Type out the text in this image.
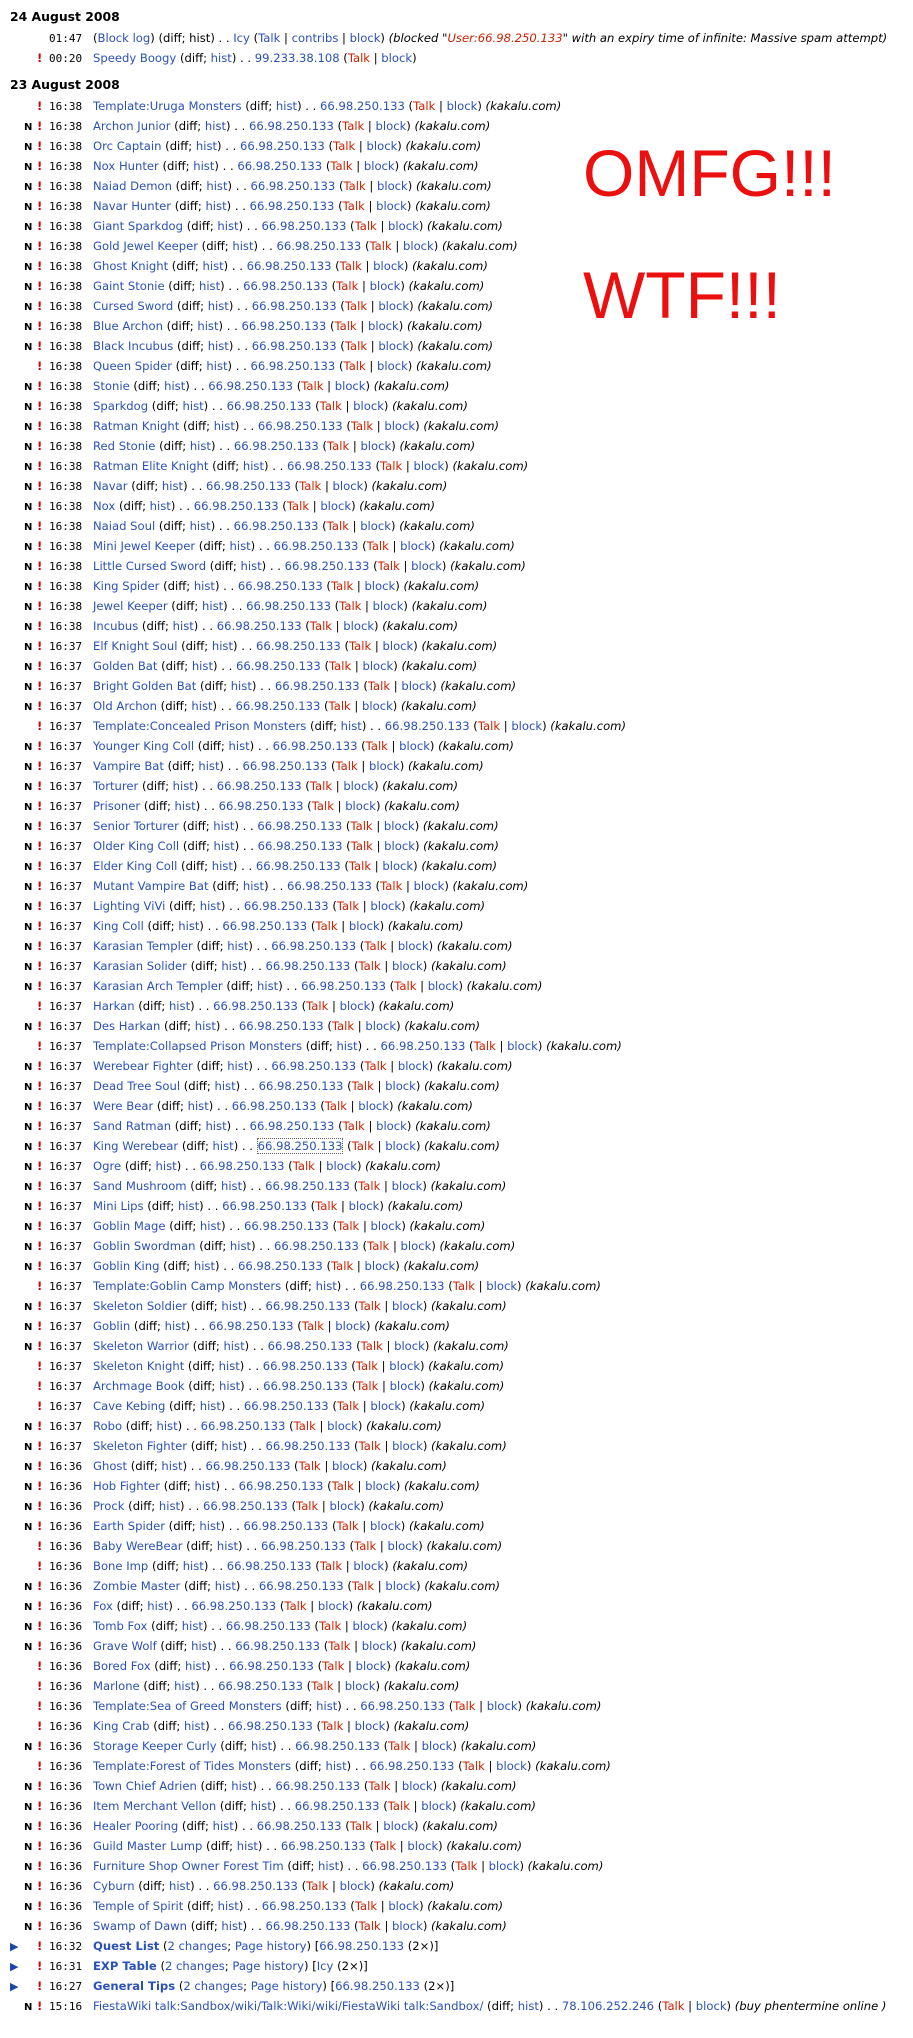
24 August 2008
01:47 (Block log) (diff; hist) . . Icy (Talk | contribs | block) (blocked "User:66.98.250.133" with an expiry time of infinite: Massive spam attempt)
! 00:20 Speedy Boogy (diff; hist) . . 99.233.38.108 (Talk | block)
23 August 2008
! 16:38 Template:Uruga Monsters (diff; hist) . . 66.98.250.133 (Talk | block) (kakalu.com)
N ! 16:38 Archon Junior (diff; hist) . . 66.98.250.133 (Talk | block) (kakalu.com)
N ! 16:38 Orc Captain (diff; hist) . . 66.98.250.133 (Talk | block) (kakalu.com)
N ! 16:38 Nox Hunter (diff; hist) . . 66.98.250.133 (Talk | block) (kakalu.com)
N ! 16:38 Naiad Demon (diff; hist) . . 66.98.250.133 (Talk | block) (kakalu.com)
N ! 16:38 Navar Hunter (diff; hist) . . 66.98.250.133 (Talk | block) (kakalu.com)
N ! 16:38 Giant Sparkdog (diff; hist) . . 66.98.250.133 (Talk | block) (kakalu.com)
N ! 16:38 Gold Jewel Keeper (diff; hist) . . 66.98.250.133 (Talk | block) (kakalu.com)
N ! 16:38 Ghost Knight (diff; hist) . . 66.98.250.133 (Talk | block) (kakalu.com)
N ! 16:38 Gaint Stonie (diff; hist) . . 66.98.250.133 (Talk | block) (kakalu.com)
N ! 16:38 Cursed Sword (diff; hist) . . 66.98.250.133 (Talk | block) (kakalu.com)
N ! 16:38 Blue Archon (diff; hist) . . 66.98.250.133 (Talk | block) (kakalu.com)
N ! 16:38 Black Incubus (diff; hist) . . 66.98.250.133 (Talk | block) (kakalu.com)
! 16:38 Queen Spider (diff; hist) . . 66.98.250.133 (Talk | block) (kakalu.com)
N ! 16:38 Stonie (diff; hist) . . 66.98.250.133 (Talk | block) (kakalu.com)
N ! 16:38 Sparkdog (diff; hist) . . 66.98.250.133 (Talk | block) (kakalu.com)
N ! 16:38 Ratman Knight (diff; hist) . . 66.98.250.133 (Talk | block) (kakalu.com)
N ! 16:38 Red Stonie (diff; hist) . . 66.98.250.133 (Talk | block) (kakalu.com)
N ! 16:38 Ratman Elite Knight (diff; hist) . . 66.98.250.133 (Talk | block) (kakalu.com)
N ! 16:38 Navar (diff; hist) . . 66.98.250.133 (Talk | block) (kakalu.com)
N ! 16:38 Nox (diff; hist) . . 66.98.250.133 (Talk | block) (kakalu.com)
N ! 16:38 Naiad Soul (diff; hist) . . 66.98.250.133 (Talk | block) (kakalu.com)
N ! 16:38 Mini Jewel Keeper (diff; hist) . . 66.98.250.133 (Talk | block) (kakalu.com)
N ! 16:38 Little Cursed Sword (diff; hist) . . 66.98.250.133 (Talk | block) (kakalu.com)
N ! 16:38 King Spider (diff; hist) . . 66.98.250.133 (Talk | block) (kakalu.com)
N ! 16:38 Jewel Keeper (diff; hist) . . 66.98.250.133 (Talk | block) (kakalu.com)
N ! 16:38 Incubus (diff; hist) . . 66.98.250.133 (Talk | block) (kakalu.com)
N ! 16:37 Elf Knight Soul (diff; hist) . . 66.98.250.133 (Talk | block) (kakalu.com)
N ! 16:37 Golden Bat (diff; hist) . . 66.98.250.133 (Talk | block) (kakalu.com)
N ! 16:37 Bright Golden Bat (diff; hist) . . 66.98.250.133 (Talk | block) (kakalu.com)
N ! 16:37 Old Archon (diff; hist) . . 66.98.250.133 (Talk | block) (kakalu.com)
! 16:37 Template:Concealed Prison Monsters (diff; hist) . . 66.98.250.133 (Talk | block) (kakalu.com)
N ! 16:37 Younger King Coll (diff; hist) . . 66.98.250.133 (Talk | block) (kakalu.com)
N ! 16:37 Vampire Bat (diff; hist) . . 66.98.250.133 (Talk | block) (kakalu.com)
N ! 16:37 Torturer (diff; hist) . . 66.98.250.133 (Talk | block) (kakalu.com)
N ! 16:37 Prisoner (diff; hist) . . 66.98.250.133 (Talk | block) (kakalu.com)
N ! 16:37 Senior Torturer (diff; hist) . . 66.98.250.133 (Talk | block) (kakalu.com)
N ! 16:37 Older King Coll (diff; hist) . . 66.98.250.133 (Talk | block) (kakalu.com)
N ! 16:37 Elder King Coll (diff; hist) . . 66.98.250.133 (Talk | block) (kakalu.com)
N ! 16:37 Mutant Vampire Bat (diff; hist) . . 66.98.250.133 (Talk | block) (kakalu.com)
N ! 16:37 Lighting ViVi (diff; hist) . . 66.98.250.133 (Talk | block) (kakalu.com)
N ! 16:37 King Coll (diff; hist) . . 66.98.250.133 (Talk | block) (kakalu.com)
N ! 16:37 Karasian Templer (diff; hist) . . 66.98.250.133 (Talk | block) (kakalu.com)
N ! 16:37 Karasian Solider (diff; hist) . . 66.98.250.133 (Talk | block) (kakalu.com)
N ! 16:37 Karasian Arch Templer (diff; hist) . . 66.98.250.133 (Talk | block) (kakalu.com)
! 16:37 Harkan (diff; hist) . . 66.98.250.133 (Talk | block) (kakalu.com)
N ! 16:37 Des Harkan (diff; hist) . . 66.98.250.133 (Talk | block) (kakalu.com)
! 16:37 Template:Collapsed Prison Monsters (diff; hist) . . 66.98.250.133 (Talk | block) (kakalu.com)
N ! 16:37 Werebear Fighter (diff; hist) . . 66.98.250.133 (Talk | block) (kakalu.com)
N ! 16:37 Dead Tree Soul (diff; hist) . . 66.98.250.133 (Talk | block) (kakalu.com)
N ! 16:37 Were Bear (diff; hist) . . 66.98.250.133 (Talk | block) (kakalu.com)
N ! 16:37 Sand Ratman (diff; hist) . . 66.98.250.133 (Talk | block) (kakalu.com)
N ! 16:37 King Werebear (diff; hist) . . 66.98.250.133 (Talk | block) (kakalu.com)
N ! 16:37 Ogre (diff; hist) . . 66.98.250.133 (Talk | block) (kakalu.com)
N ! 16:37 Sand Mushroom (diff; hist) . . 66.98.250.133 (Talk | block) (kakalu.com)
N ! 16:37 Mini Lips (diff; hist) . . 66.98.250.133 (Talk | block) (kakalu.com)
N ! 16:37 Goblin Mage (diff; hist) . . 66.98.250.133 (Talk | block) (kakalu.com)
N ! 16:37 Goblin Swordman (diff; hist) . . 66.98.250.133 (Talk | block) (kakalu.com)
N ! 16:37 Goblin King (diff; hist) . . 66.98.250.133 (Talk | block) (kakalu.com)
! 16:37 Template:Goblin Camp Monsters (diff; hist) . . 66.98.250.133 (Talk | block) (kakalu.com)
N ! 16:37 Skeleton Soldier (diff; hist) . . 66.98.250.133 (Talk | block) (kakalu.com)
N ! 16:37 Goblin (diff; hist) . . 66.98.250.133 (Talk | block) (kakalu.com)
N ! 16:37 Skeleton Warrior (diff; hist) . . 66.98.250.133 (Talk | block) (kakalu.com)
! 16:37 Skeleton Knight (diff; hist) . . 66.98.250.133 (Talk | block) (kakalu.com)
! 16:37 Archmage Book (diff; hist) . . 66.98.250.133 (Talk | block) (kakalu.com)
! 16:37 Cave Kebing (diff; hist) . . 66.98.250.133 (Talk | block) (kakalu.com)
N ! 16:37 Robo (diff; hist) . . 66.98.250.133 (Talk | block) (kakalu.com)
N ! 16:37 Skeleton Fighter (diff; hist) . . 66.98.250.133 (Talk | block) (kakalu.com)
N ! 16:36 Ghost (diff; hist) . . 66.98.250.133 (Talk | block) (kakalu.com)
N ! 16:36 Hob Fighter (diff; hist) . . 66.98.250.133 (Talk | block) (kakalu.com)
N ! 16:36 Prock (diff; hist) . . 66.98.250.133 (Talk | block) (kakalu.com)
N ! 16:36 Earth Spider (diff; hist) . . 66.98.250.133 (Talk | block) (kakalu.com)
! 16:36 Baby WereBear (diff; hist) . . 66.98.250.133 (Talk | block) (kakalu.com)
! 16:36 Bone Imp (diff; hist) . . 66.98.250.133 (Talk | block) (kakalu.com)
N ! 16:36 Zombie Master (diff; hist) . . 66.98.250.133 (Talk | block) (kakalu.com)
N ! 16:36 Fox (diff; hist) . . 66.98.250.133 (Talk | block) (kakalu.com)
N ! 16:36 Tomb Fox (diff; hist) . . 66.98.250.133 (Talk | block) (kakalu.com)
N ! 16:36 Grave Wolf (diff; hist) . . 66.98.250.133 (Talk | block) (kakalu.com)
! 16:36 Bored Fox (diff; hist) . . 66.98.250.133 (Talk | block) (kakalu.com)
! 16:36 Marlone (diff; hist) . . 66.98.250.133 (Talk | block) (kakalu.com)
! 16:36 Template:Sea of Greed Monsters (diff; hist) . . 66.98.250.133 (Talk | block) (kakalu.com)
! 16:36 King Crab (diff; hist) . . 66.98.250.133 (Talk | block) (kakalu.com)
N ! 16:36 Storage Keeper Curly (diff; hist) . . 66.98.250.133 (Talk | block) (kakalu.com)
! 16:36 Template:Forest of Tides Monsters (diff; hist) . . 66.98.250.133 (Talk | block) (kakalu.com)
N ! 16:36 Town Chief Adrien (diff; hist) . . 66.98.250.133 (Talk | block) (kakalu.com)
N ! 16:36 Item Merchant Vellon (diff; hist) . . 66.98.250.133 (Talk | block) (kakalu.com)
N ! 16:36 Healer Pooring (diff; hist) . . 66.98.250.133 (Talk | block) (kakalu.com)
N ! 16:36 Guild Master Lump (diff; hist) . . 66.98.250.133 (Talk | block) (kakalu.com)
N ! 16:36 Furniture Shop Owner Forest Tim (diff; hist) . . 66.98.250.133 (Talk | block) (kakalu.com)
N ! 16:36 Cyburn (diff; hist) . . 66.98.250.133 (Talk | block) (kakalu.com)
N ! 16:36 Temple of Spirit (diff; hist) . . 66.98.250.133 (Talk | block) (kakalu.com)
N ! 16:36 Swamp of Dawn (diff; hist) . . 66.98.250.133 (Talk | block) (kakalu.com)
▶ ! 16:32 Quest List (2 changes; Page history) [66.98.250.133 (2×)]
▶ ! 16:31 EXP Table (2 changes; Page history) [Icy (2×)]
▶ ! 16:27 General Tips (2 changes; Page history) [66.98.250.133 (2×)]
N ! 15:16 FiestaWiki talk:Sandbox/wiki/Talk:Wiki/wiki/FiestaWiki talk:Sandbox/ (diff; hist) . . 78.106.252.246 (Talk | block) (buy phentermine online )
OMFG!!!
WTF!!!
